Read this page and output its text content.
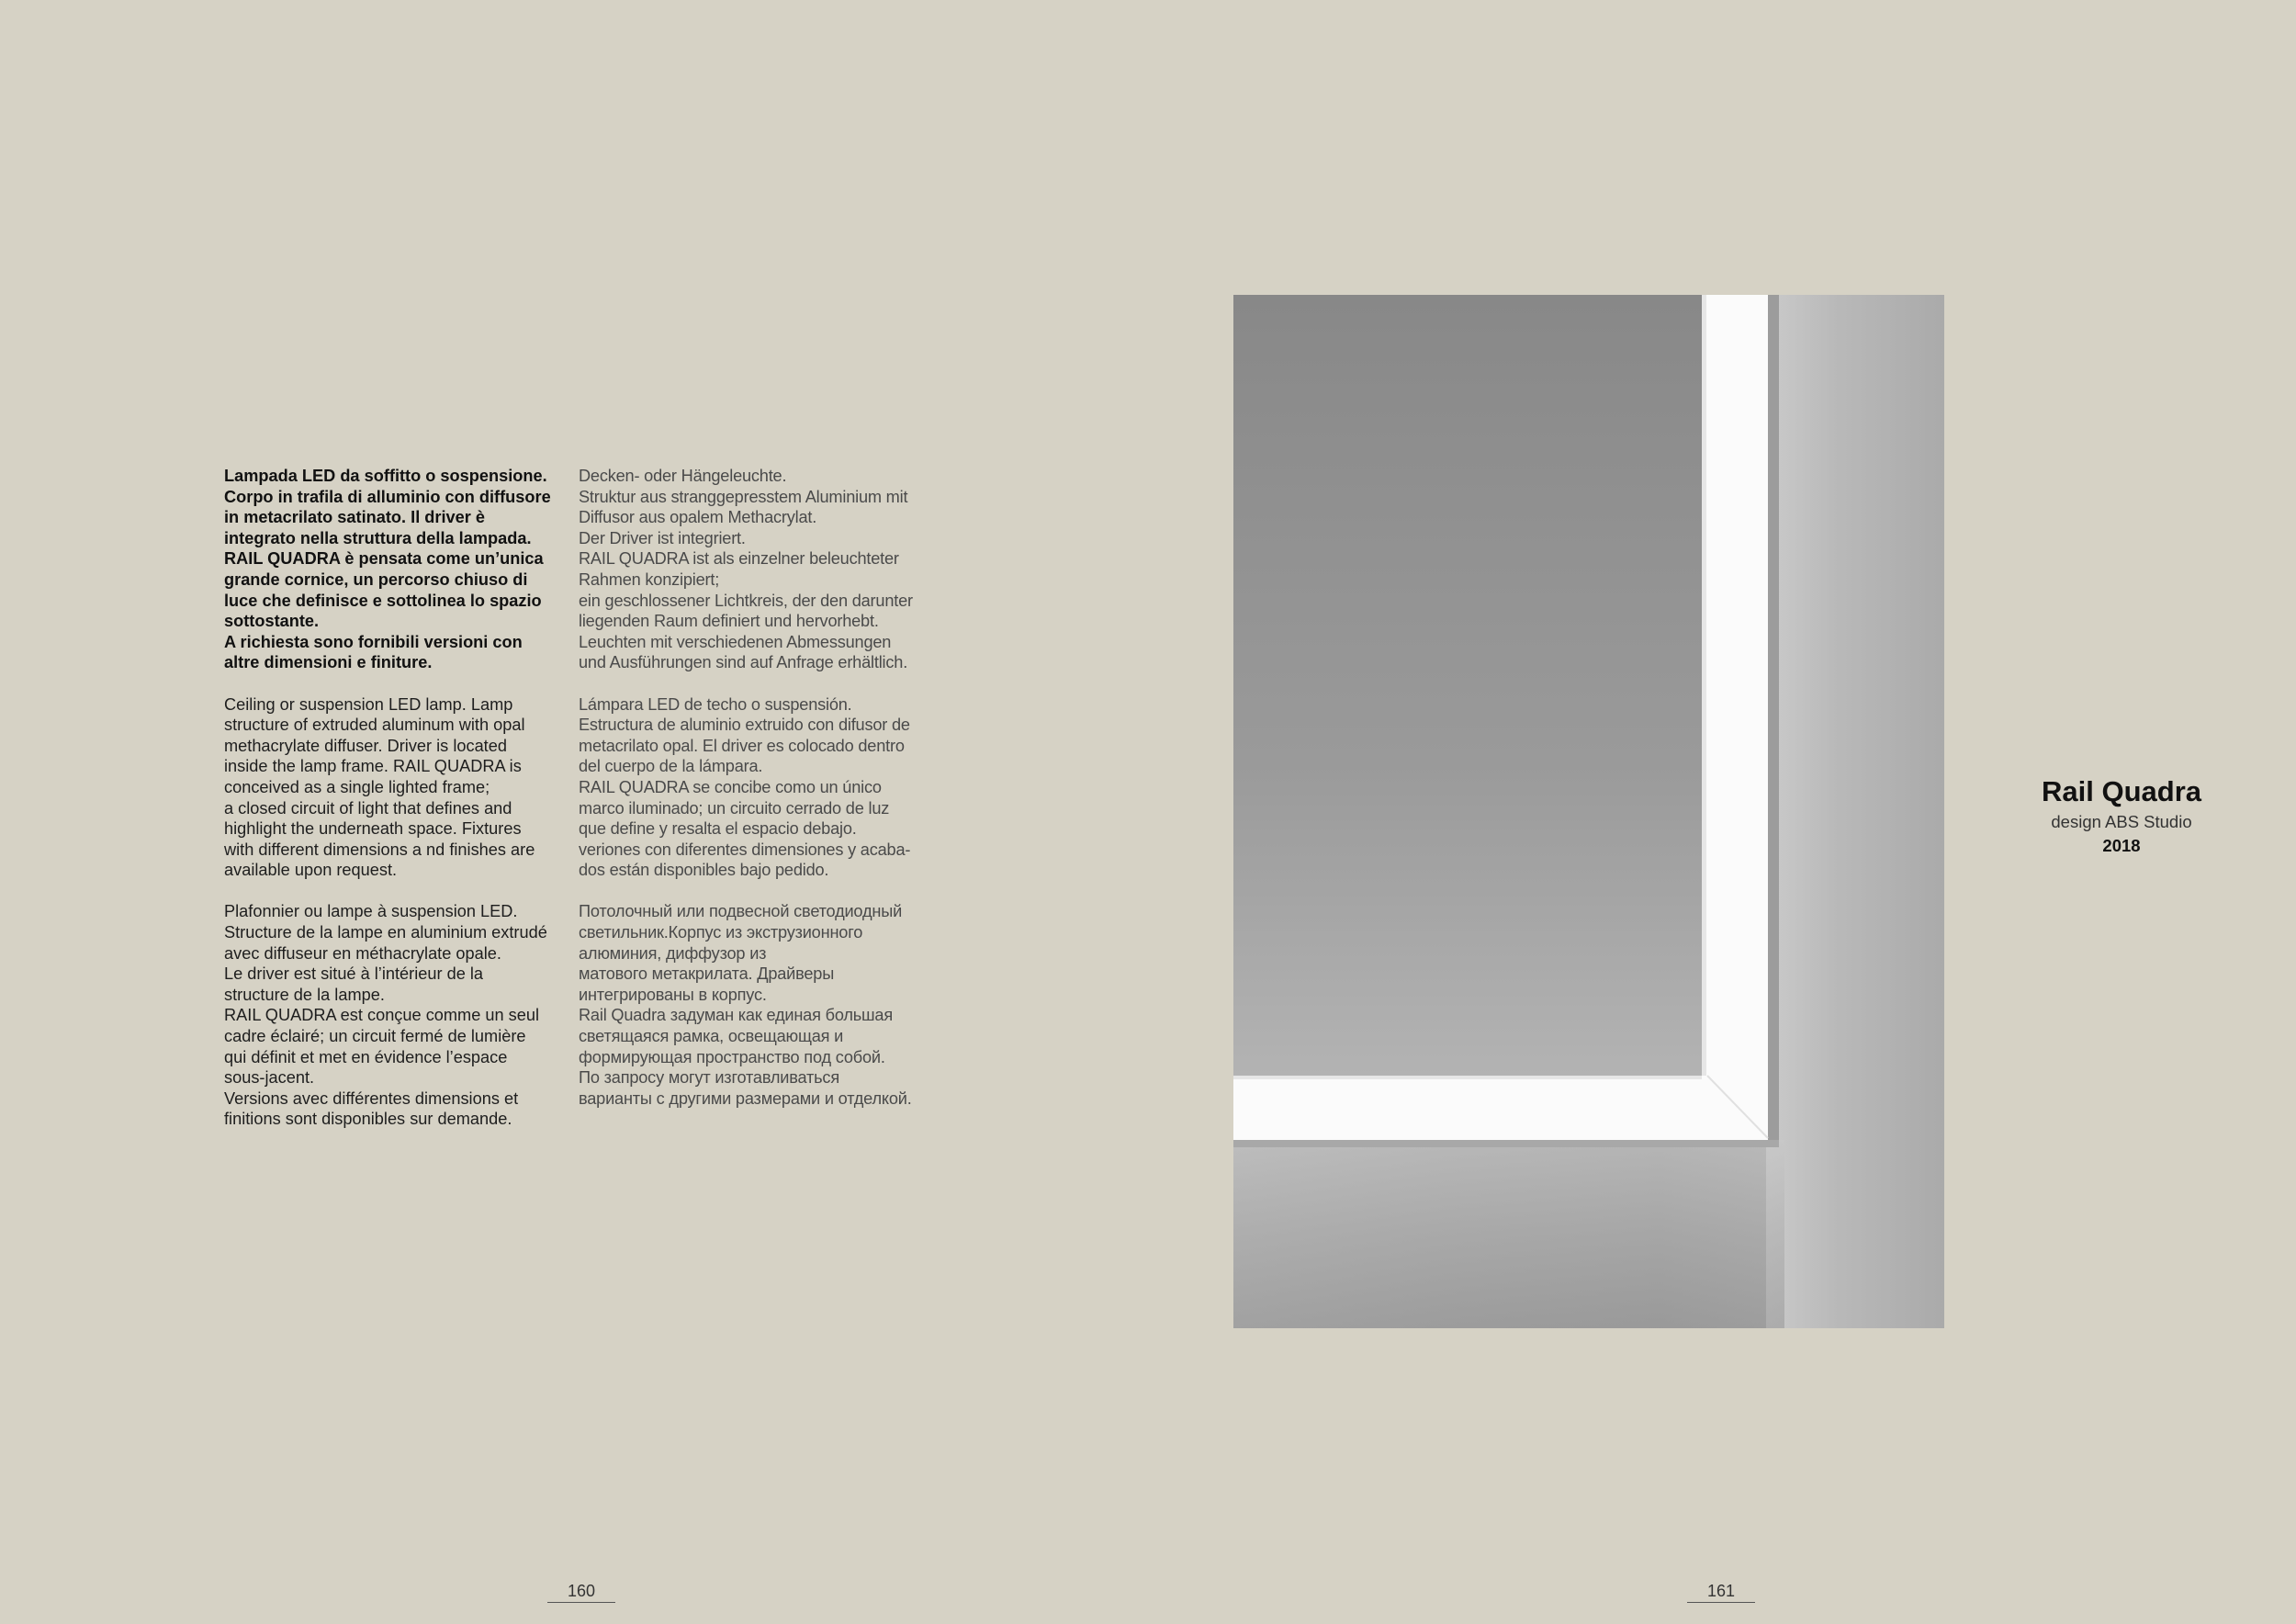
Lampada LED da soffitto o sospensione.
Corpo in trafila di alluminio con diffusore
in metacrilato satinato. Il driver è
integrato nella struttura della lampada.
RAIL QUADRA è pensata come un’unica
grande cornice, un percorso chiuso di
luce che definisce e sottolinea lo spazio
sottostante.
A richiesta sono fornibili versioni con
altre dimensioni e finiture.

Ceiling or suspension LED lamp. Lamp
structure of extruded aluminum with opal
methacrylate diffuser. Driver is located
inside the lamp frame. RAIL QUADRA is
conceived as a single lighted frame;
a closed circuit of light that defines and
highlight the underneath space. Fixtures
with different dimensions a nd finishes are
available upon request.

Plafonnier ou lampe à suspension LED.
Structure de la lampe en aluminium extrudé
avec diffuseur en méthacrylate opale.
Le driver est situé à l’intérieur de la
structure de la lampe.
RAIL QUADRA est conçue comme un seul
cadre éclairé; un circuit fermé de lumière
qui définit et met en évidence l’espace
sous-jacent.
Versions avec différentes dimensions et
finitions sont disponibles sur demande.

Decken- oder Hängeleuchte.
Struktur aus stranggepresstem Aluminium mit
Diffusor aus opalem Methacrylat.
Der Driver ist integriert.
RAIL QUADRA ist als einzelner beleuchteter
Rahmen konzipiert;
ein geschlossener Lichtkreis, der den darunter
liegenden Raum definiert und hervorhebt.
Leuchten mit verschiedenen Abmessungen
und Ausführungen sind auf Anfrage erhältlich.

Lámpara LED de techo o suspensión.
Estructura de aluminio extruido con difusor de
metacrilato opal. El driver es colocado dentro
del cuerpo de la lámpara.
RAIL QUADRA se concibe como un único
marco iluminado; un circuito cerrado de luz
que define y resalta el espacio debajo.
veriones con diferentes dimensiones y acaba-
dos están disponibles bajo pedido.

Потолочный или подвесной светодиодный
светильник.Корпус из экструзионного
алюминия, диффузор из
матового метакрилата. Драйверы
интегрированы в корпус.
Rail Quadra задуман как единая большая
светящаяся рамка, освещающая и
формирующая пространство под собой.
По запросу могут изготавливаться
варианты с другими размерами и отделкой.

Rail Quadra
design ABS Studio
2018
160	161
